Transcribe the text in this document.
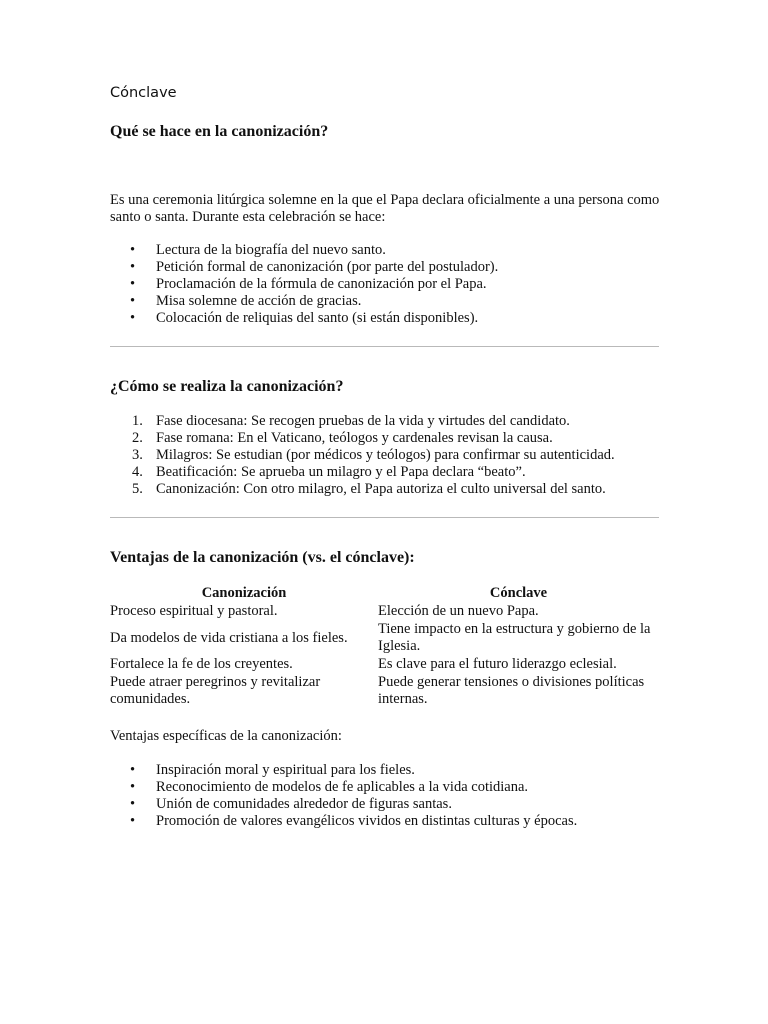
Cónclave

Qué se hace en la canonización?

Es una ceremonia litúrgica solemne en la que el Papa declara oficialmente a una persona como santo o santa. Durante esta celebración se hace:

• Lectura de la biografía del nuevo santo.
• Petición formal de canonización (por parte del postulador).
• Proclamación de la fórmula de canonización por el Papa.
• Misa solemne de acción de gracias.
• Colocación de reliquias del santo (si están disponibles).
¿Cómo se realiza la canonización?
1. Fase diocesana: Se recogen pruebas de la vida y virtudes del candidato.
2. Fase romana: En el Vaticano, teólogos y cardenales revisan la causa.
3. Milagros: Se estudian (por médicos y teólogos) para confirmar su autenticidad.
4. Beatificación: Se aprueba un milagro y el Papa declara “beato”.
5. Canonización: Con otro milagro, el Papa autoriza el culto universal del santo.
Ventajas de la canonización (vs. el cónclave):
Canonización	Cónclave
Proceso espiritual y pastoral.	Elección de un nuevo Papa.
Da modelos de vida cristiana a los fieles.	Tiene impacto en la estructura y gobierno de la Iglesia.
Fortalece la fe de los creyentes.	Es clave para el futuro liderazgo eclesial.
Puede atraer peregrinos y revitalizar comunidades.	Puede generar tensiones o divisiones políticas internas.

Ventajas específicas de la canonización:

• Inspiración moral y espiritual para los fieles.
• Reconocimiento de modelos de fe aplicables a la vida cotidiana.
• Unión de comunidades alrededor de figuras santas.
• Promoción de valores evangélicos vividos en distintas culturas y épocas.
